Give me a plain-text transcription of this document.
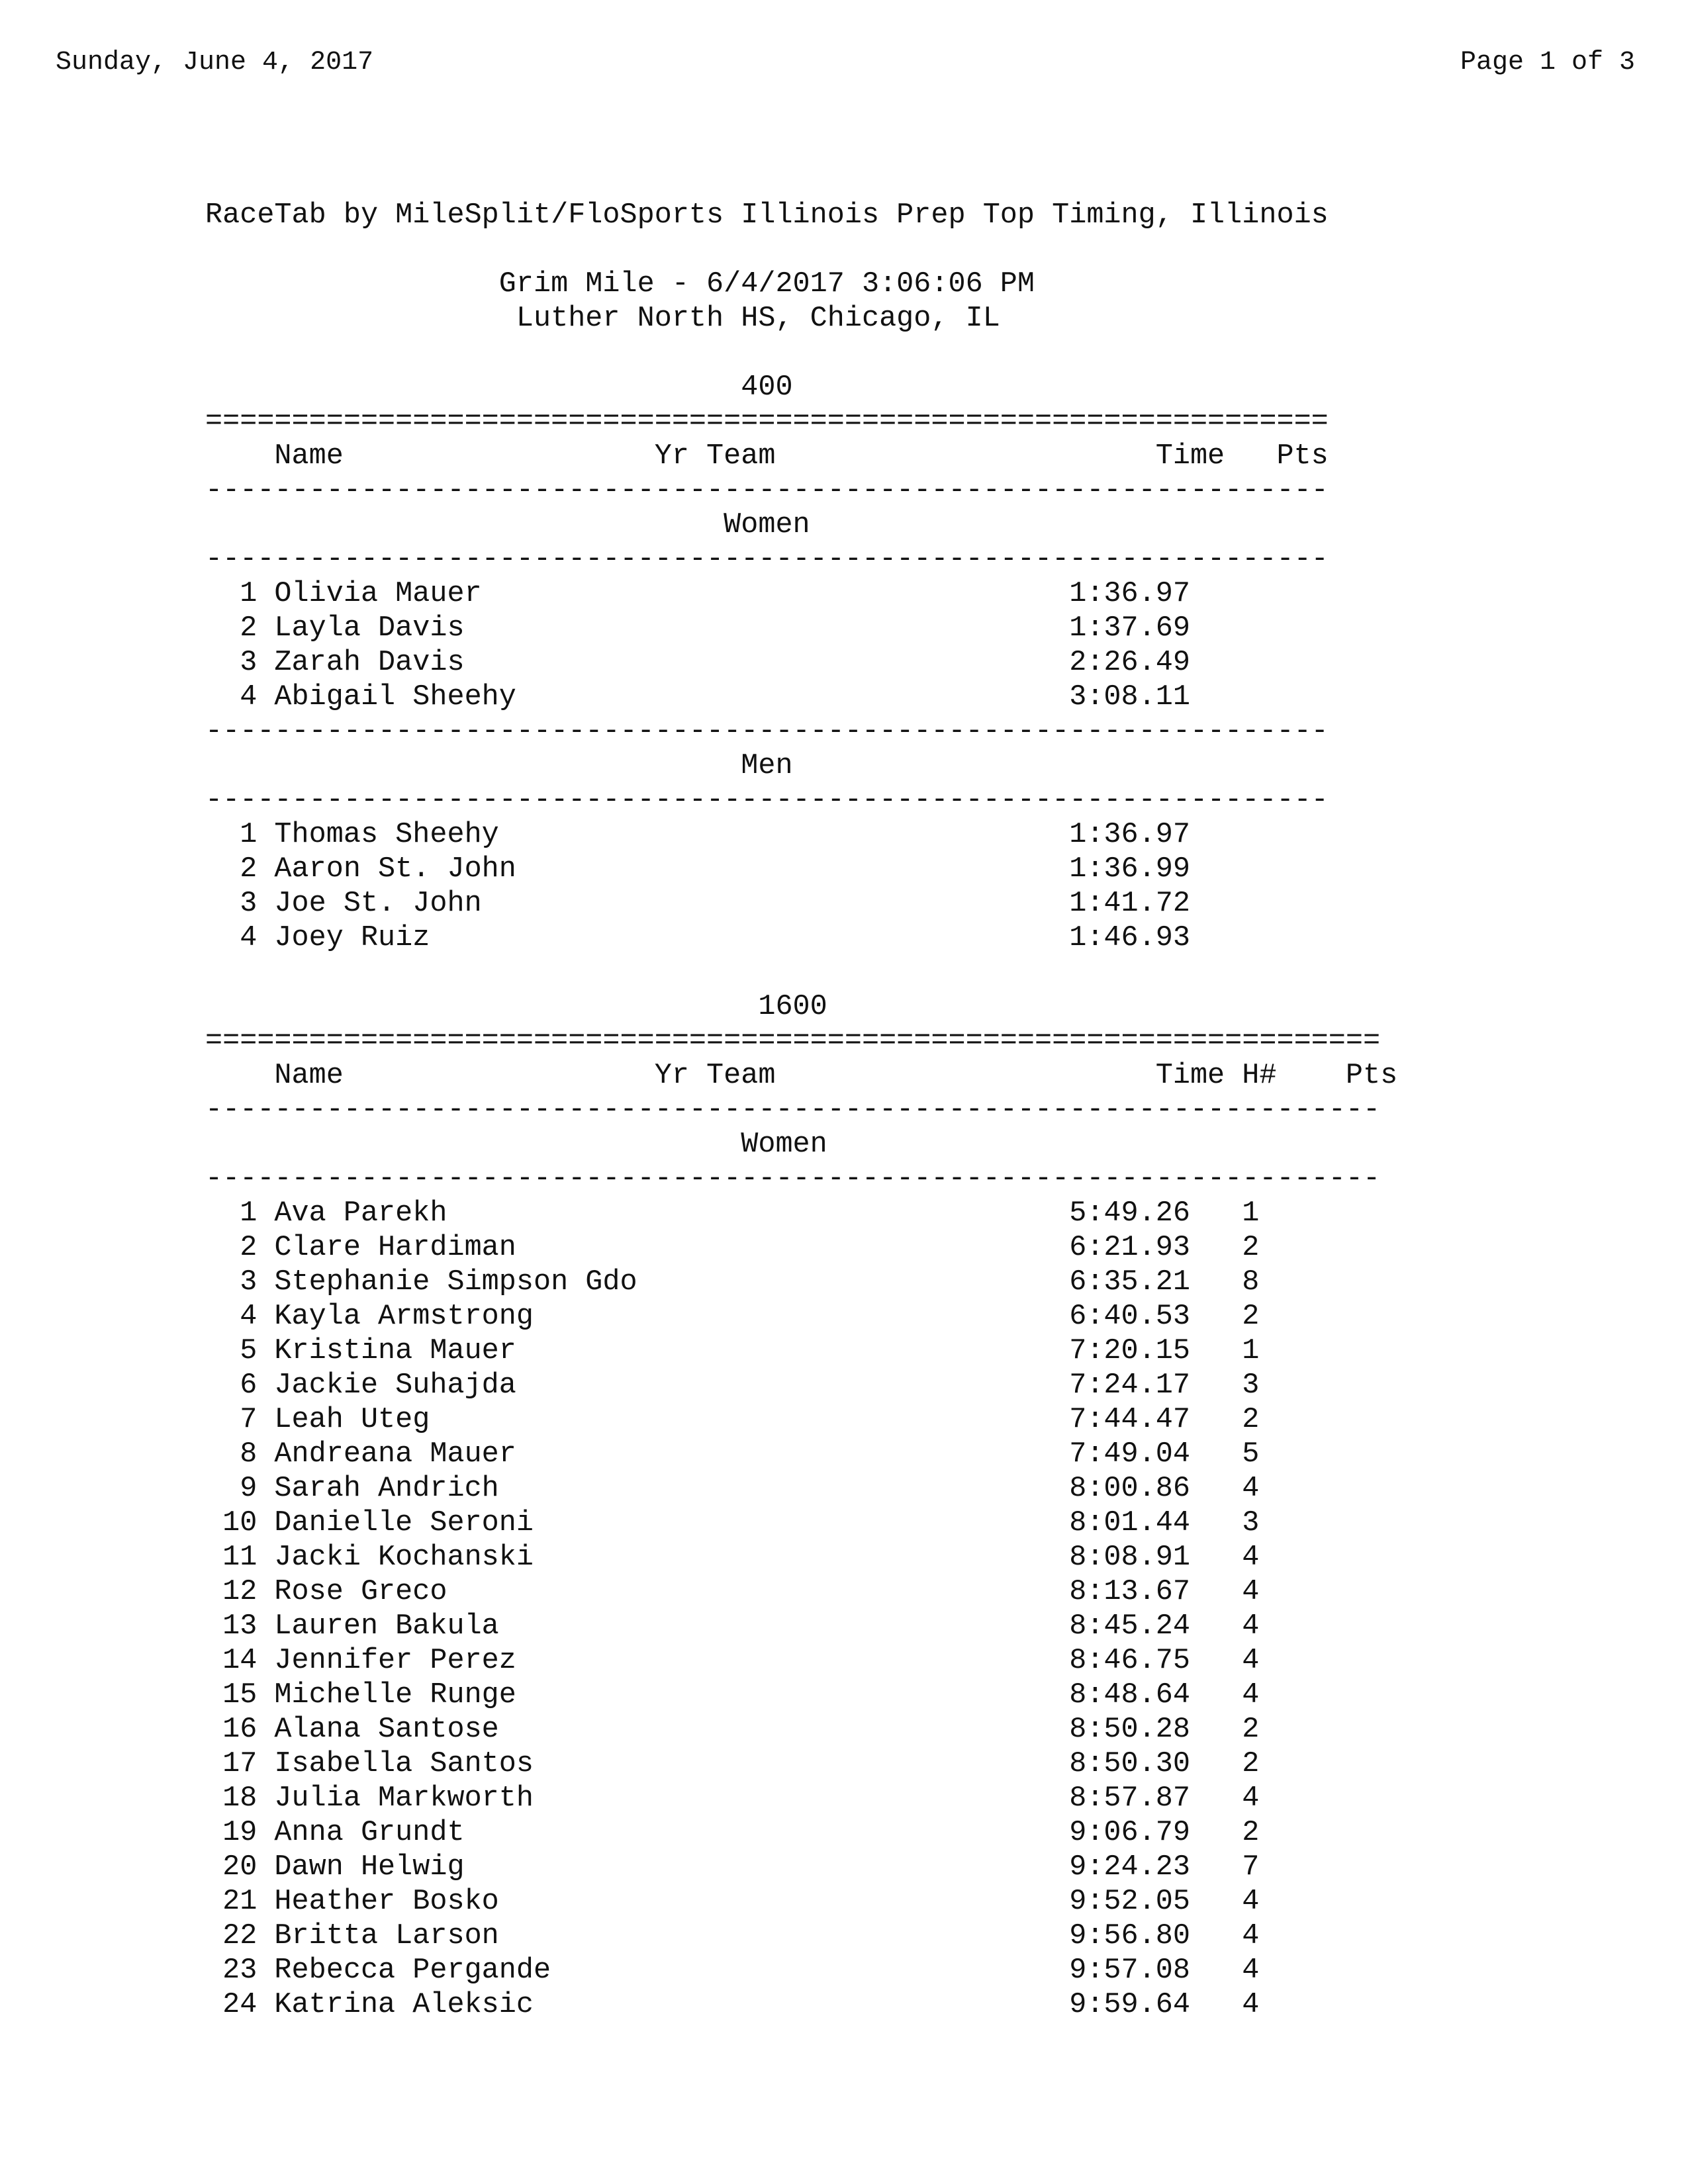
Sunday, June 4, 2017	Page 1 of 3
RaceTab by MileSplit/FloSports Illinois Prep Top Timing, Illinois
Grim Mile - 6/4/2017 3:06:06 PM
Luther North HS, Chicago, IL
400
=================================================================
Name                  Yr Team                      Time   Pts
-----------------------------------------------------------------
Women
-----------------------------------------------------------------
1 Olivia Mauer                                  1:36.97
2 Layla Davis                                   1:37.69
3 Zarah Davis                                   2:26.49
4 Abigail Sheehy                                3:08.11
-----------------------------------------------------------------
Men
-----------------------------------------------------------------
1 Thomas Sheehy                                 1:36.97
2 Aaron St. John                                1:36.99
3 Joe St. John                                  1:41.72
4 Joey Ruiz                                     1:46.93
1600
====================================================================
Name                  Yr Team                      Time H#    Pts
--------------------------------------------------------------------
Women
--------------------------------------------------------------------
1 Ava Parekh                                    5:49.26   1
2 Clare Hardiman                                6:21.93   2
3 Stephanie Simpson Gdo                         6:35.21   8
4 Kayla Armstrong                               6:40.53   2
5 Kristina Mauer                                7:20.15   1
6 Jackie Suhajda                                7:24.17   3
7 Leah Uteg                                     7:44.47   2
8 Andreana Mauer                                7:49.04   5
9 Sarah Andrich                                 8:00.86   4
10 Danielle Seroni                               8:01.44   3
11 Jacki Kochanski                               8:08.91   4
12 Rose Greco                                    8:13.67   4
13 Lauren Bakula                                 8:45.24   4
14 Jennifer Perez                                8:46.75   4
15 Michelle Runge                                8:48.64   4
16 Alana Santose                                 8:50.28   2
17 Isabella Santos                               8:50.30   2
18 Julia Markworth                               8:57.87   4
19 Anna Grundt                                   9:06.79   2
20 Dawn Helwig                                   9:24.23   7
21 Heather Bosko                                 9:52.05   4
22 Britta Larson                                 9:56.80   4
23 Rebecca Pergande                              9:57.08   4
24 Katrina Aleksic                               9:59.64   4
